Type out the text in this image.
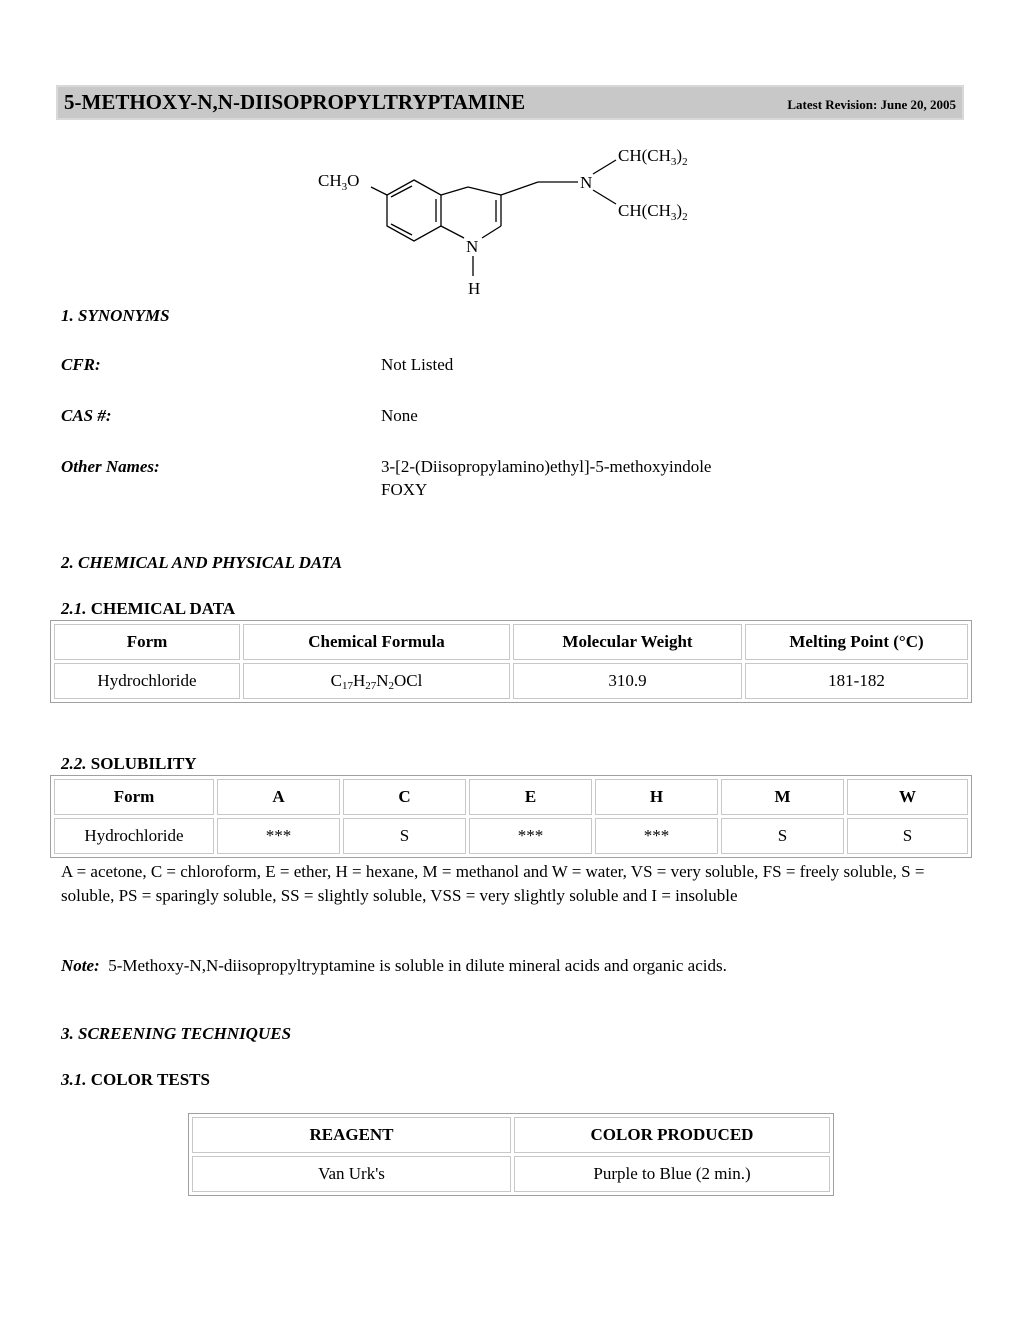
5-METHOXY-N,N-DIISOPROPYLTRYPTAMINE	Latest Revision: June 20, 2005
$CH_3O$	N
N
H
$CH(CH_3)_2$
$CH(CH_3)_2$
1. SYNONYMS
CFR:	Not Listed
CAS #:	None
Other Names:	3-[2-(Diisopropylamino)ethyl]-5-methoxyindole
FOXY
2. CHEMICAL AND PHYSICAL DATA
2.1. CHEMICAL DATA
Form	Chemical Formula	Molecular Weight	Melting Point (°C)
Hydrochloride	$C_{17}H_{27}N_2OCl$	310.9	181-182
2.2. SOLUBILITY
Form	A	C	E	H	M	W
Hydrochloride	***	S	***	***	S	S
A = acetone, C = chloroform, E = ether, H = hexane, M = methanol and W = water, VS = very soluble, FS = freely soluble, S = soluble, PS = sparingly soluble, SS = slightly soluble, VSS = very slightly soluble and I = insoluble
Note: 5-Methoxy-N,N-diisopropyltryptamine is soluble in dilute mineral acids and organic acids.
3. SCREENING TECHNIQUES
3.1. COLOR TESTS
REAGENT	COLOR PRODUCED
Van Urk's	Purple to Blue (2 min.)
